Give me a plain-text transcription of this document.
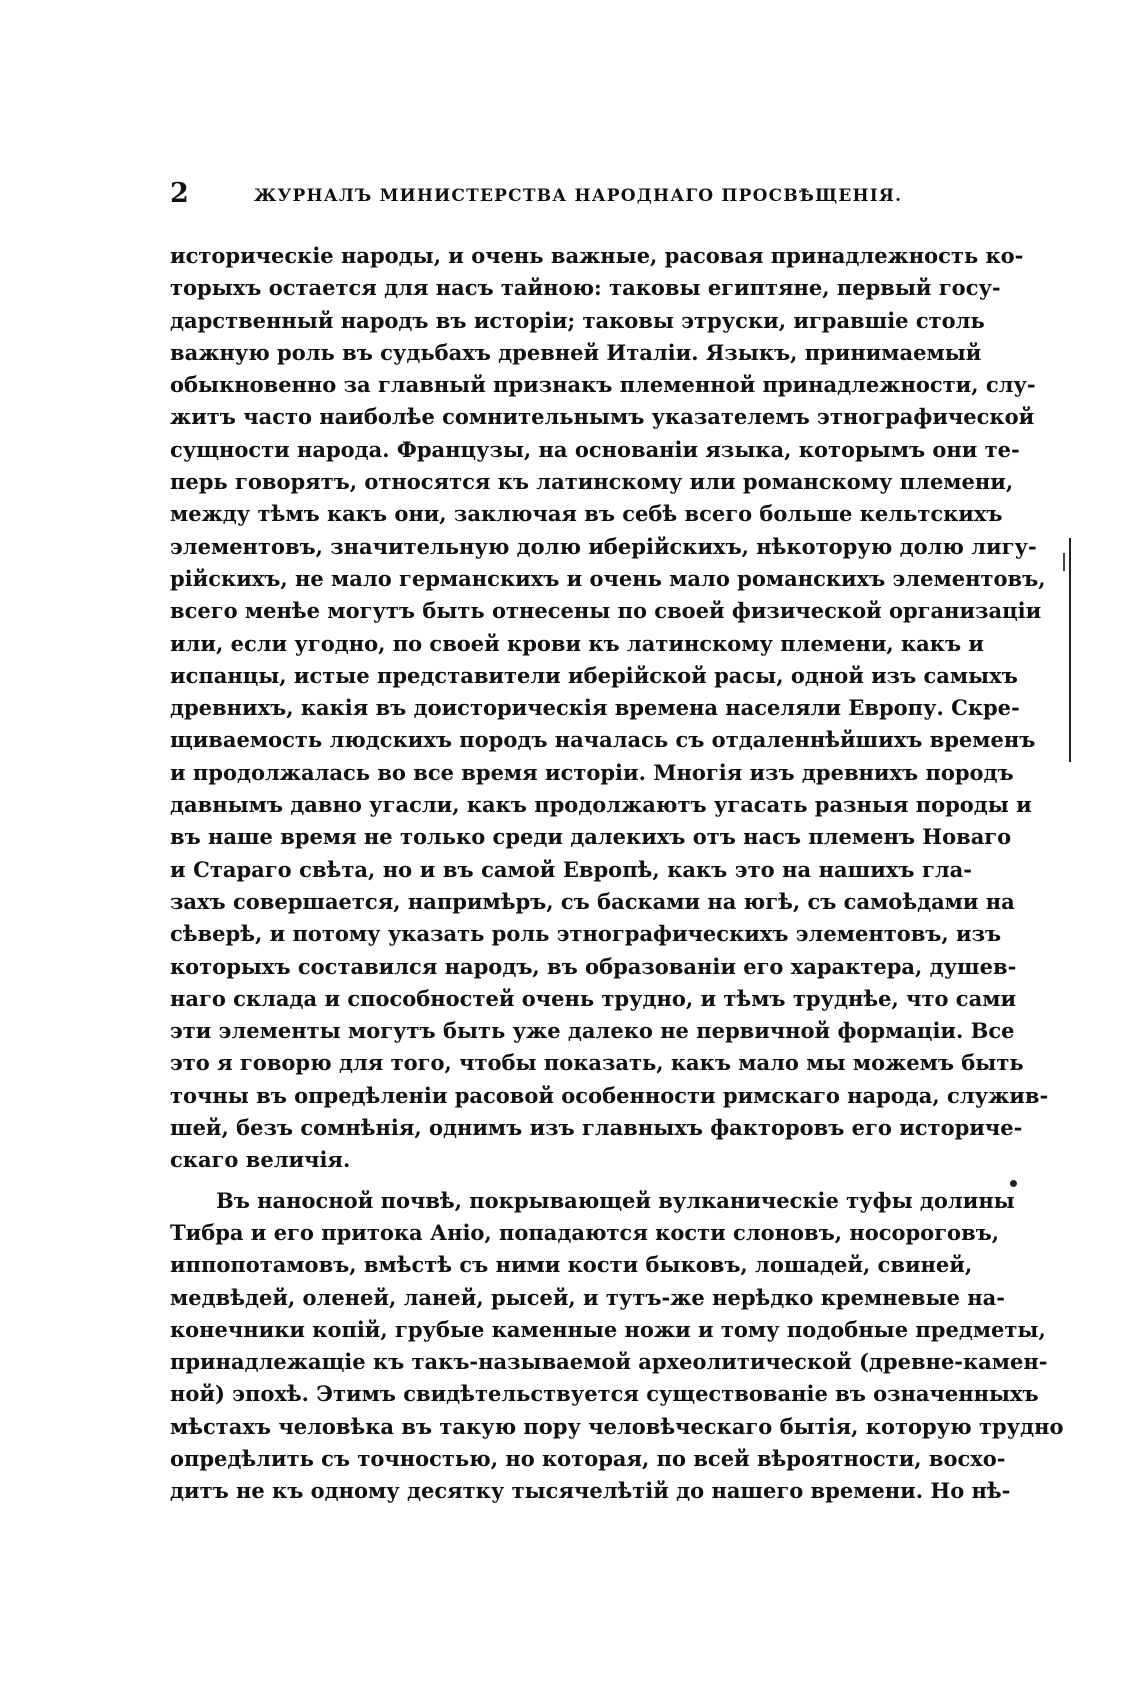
2	ЖУРНАЛЪ МИНИСТЕРСТВА НАРОДНАГО ПРОСВѢЩЕНІЯ.
историческіе народы, и очень важные, расовая принадлежность ко-
торыхъ остается для насъ тайною: таковы египтяне, первый госу-
дарственный народъ въ исторіи; таковы этруски, игравшіе столь
важную роль въ судьбахъ древней Италіи. Языкъ, принимаемый
обыкновенно за главный признакъ племенной принадлежности, слу-
житъ часто наиболѣе сомнительнымъ указателемъ этнографической
сущности народа. Французы, на основаніи языка, которымъ они те-
перь говорятъ, относятся къ латинскому или романскому племени,
между тѣмъ какъ они, заключая въ себѣ всего больше кельтскихъ
элементовъ, значительную долю иберійскихъ, нѣкоторую долю лигу-
рійскихъ, не мало германскихъ и очень мало романскихъ элементовъ,
всего менѣе могутъ быть отнесены по своей физической организаціи
или, если угодно, по своей крови къ латинскому племени, какъ и
испанцы, истые представители иберійской расы, одной изъ самыхъ
древнихъ, какія въ доисторическія времена населяли Европу. Скре-
щиваемость людскихъ породъ началась съ отдаленнѣйшихъ временъ
и продолжалась во все время исторіи. Многія изъ древнихъ породъ
давнымъ давно угасли, какъ продолжаютъ угасать разныя породы и
въ наше время не только среди далекихъ отъ насъ племенъ Новаго
и Стараго свѣта, но и въ самой Европѣ, какъ это на нашихъ гла-
захъ совершается, напримѣръ, съ басками на югѣ, съ самоѣдами на
сѣверѣ, и потому указать роль этнографическихъ элементовъ, изъ
которыхъ составился народъ, въ образованіи его характера, душев-
наго склада и способностей очень трудно, и тѣмъ труднѣе, что сами
эти элементы могутъ быть уже далеко не первичной формаціи. Все
это я говорю для того, чтобы показать, какъ мало мы можемъ быть
точны въ опредѣленіи расовой особенности римскаго народа, служив-
шей, безъ сомнѣнія, однимъ изъ главныхъ факторовъ его историче-
скаго величія.
Въ наносной почвѣ, покрывающей вулканическіе туфы долины
Тибра и его притока Аніо, попадаются кости слоновъ, носороговъ,
иппопотамовъ, вмѣстѣ съ ними кости быковъ, лошадей, свиней,
медвѣдей, оленей, ланей, рысей, и тутъ-же нерѣдко кремневые на-
конечники копій, грубые каменные ножи и тому подобные предметы,
принадлежащіе къ такъ-называемой археолитической (древне-камен-
ной) эпохѣ. Этимъ свидѣтельствуется существованіе въ означенныхъ
мѣстахъ человѣка въ такую пору человѣческаго бытія, которую трудно
опредѣлить съ точностью, но которая, по всей вѣроятности, восхо-
дитъ не къ одному десятку тысячелѣтій до нашего времени. Но нѣ-
